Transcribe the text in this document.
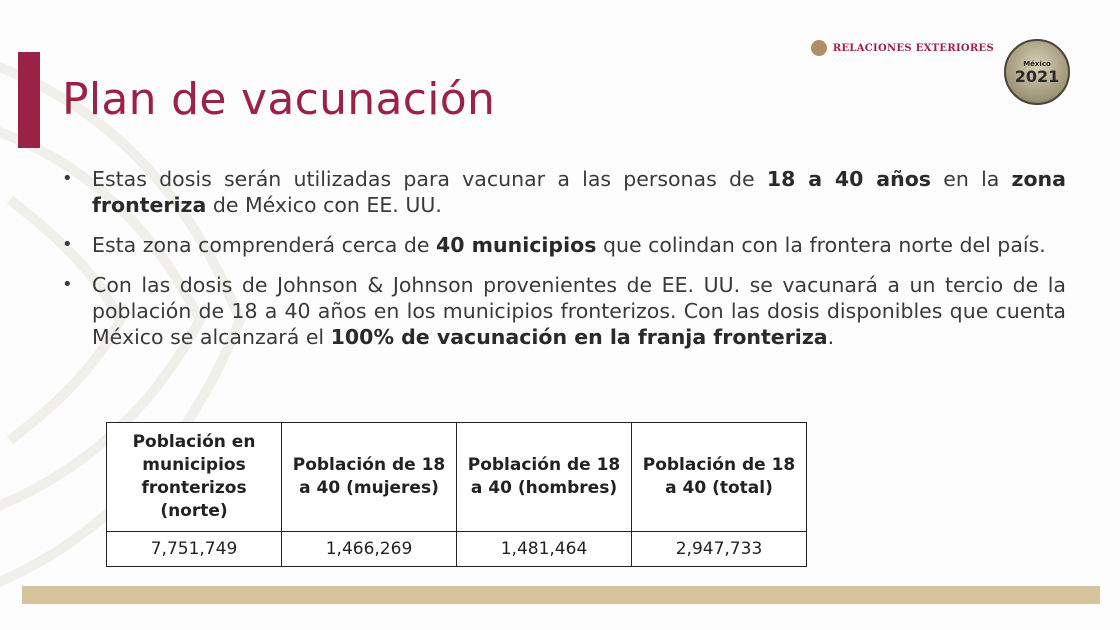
Plan de vacunación
RELACIONES EXTERIORES
México
2021
• Estas dosis serán utilizadas para vacunar a las personas de 18 a 40 años en la zona fronteriza de México con EE. UU.
• Esta zona comprenderá cerca de 40 municipios que colindan con la frontera norte del país.
• Con las dosis de Johnson & Johnson provenientes de EE. UU. se vacunará a un tercio de la población de 18 a 40 años en los municipios fronterizos. Con las dosis disponibles que cuenta México se alcanzará el 100% de vacunación en la franja fronteriza.
Población en municipios fronterizos (norte)	Población de 18 a 40 (mujeres)	Población de 18 a 40 (hombres)	Población de 18 a 40 (total)
7,751,749	1,466,269	1,481,464	2,947,733
